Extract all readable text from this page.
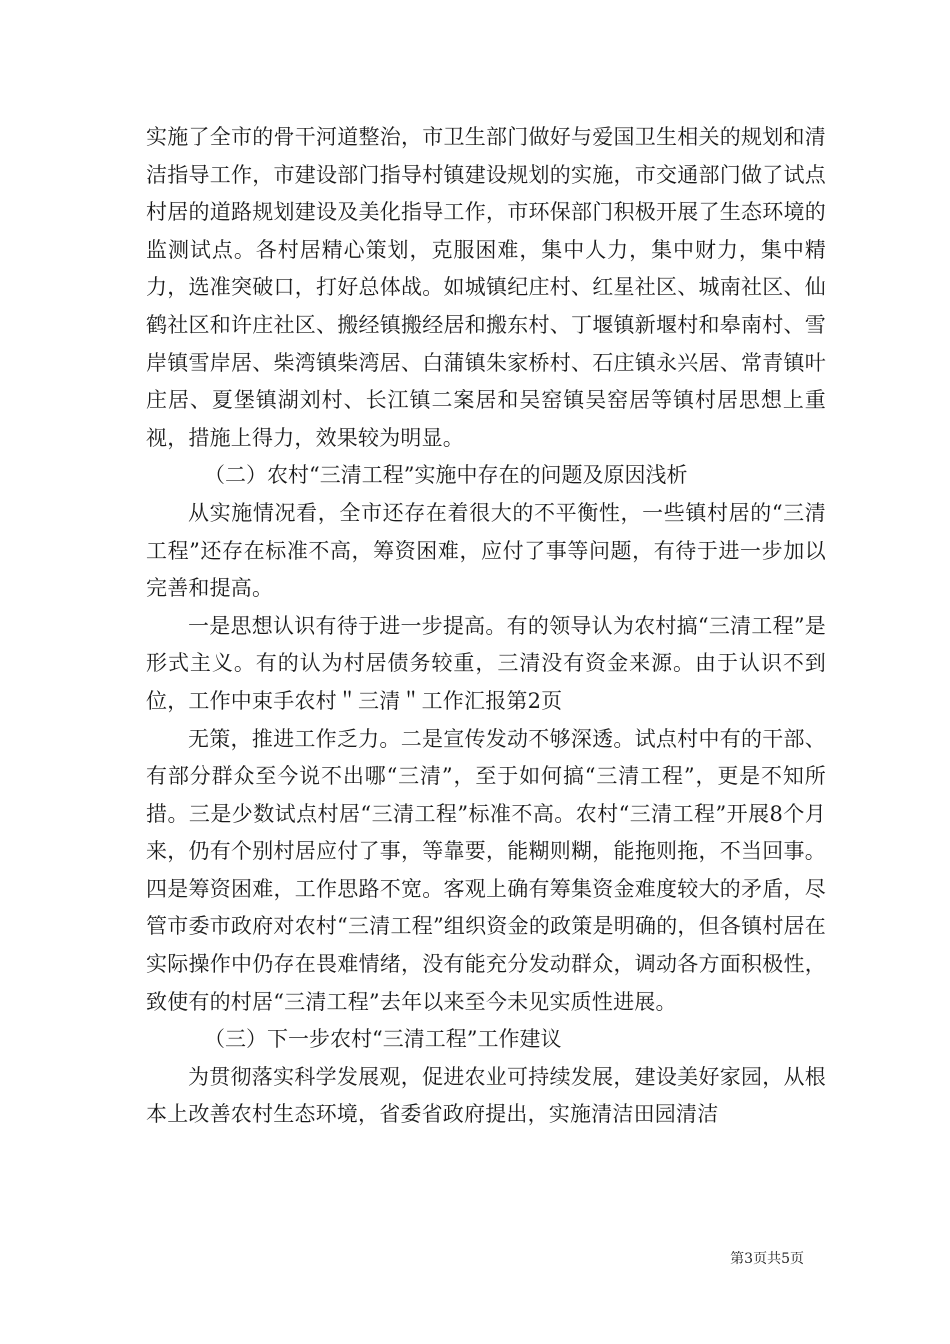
实施了全市的骨干河道整治，市卫生部门做好与爱国卫生相关的规划和清洁指导工作，市建设部门指导村镇建设规划的实施，市交通部门做了试点村居的道路规划建设及美化指导工作，市环保部门积极开展了生态环境的监测试点。各村居精心策划，克服困难，集中人力，集中财力，集中精力，选准突破口，打好总体战。如城镇纪庄村、红星社区、城南社区、仙鹤社区和许庄社区、搬经镇搬经居和搬东村、丁堰镇新堰村和皋南村、雪岸镇雪岸居、柴湾镇柴湾居、白蒲镇朱家桥村、石庄镇永兴居、常青镇叶庄居、夏堡镇湖刘村、长江镇二案居和吴窑镇吴窑居等镇村居思想上重视，措施上得力，效果较为明显。

（二）农村“三清工程”实施中存在的问题及原因浅析

从实施情况看，全市还存在着很大的不平衡性，一些镇村居的“三清工程”还存在标准不高，筹资困难，应付了事等问题，有待于进一步加以完善和提高。

一是思想认识有待于进一步提高。有的领导认为农村搞“三清工程”是形式主义。有的认为村居债务较重，三清没有资金来源。由于认识不到位，工作中束手农村＂三清＂工作汇报第2页

无策，推进工作乏力。二是宣传发动不够深透。试点村中有的干部、有部分群众至今说不出哪“三清”，至于如何搞“三清工程”，更是不知所措。三是少数试点村居“三清工程”标准不高。农村“三清工程”开展8个月来，仍有个别村居应付了事，等靠要，能糊则糊，能拖则拖，不当回事。四是筹资困难，工作思路不宽。客观上确有筹集资金难度较大的矛盾，尽管市委市政府对农村“三清工程”组织资金的政策是明确的，但各镇村居在实际操作中仍存在畏难情绪，没有能充分发动群众，调动各方面积极性，致使有的村居“三清工程”去年以来至今未见实质性进展。

（三）下一步农村“三清工程”工作建议

为贯彻落实科学发展观，促进农业可持续发展，建设美好家园，从根本上改善农村生态环境，省委省政府提出，实施清洁田园清洁

第3页共5页
